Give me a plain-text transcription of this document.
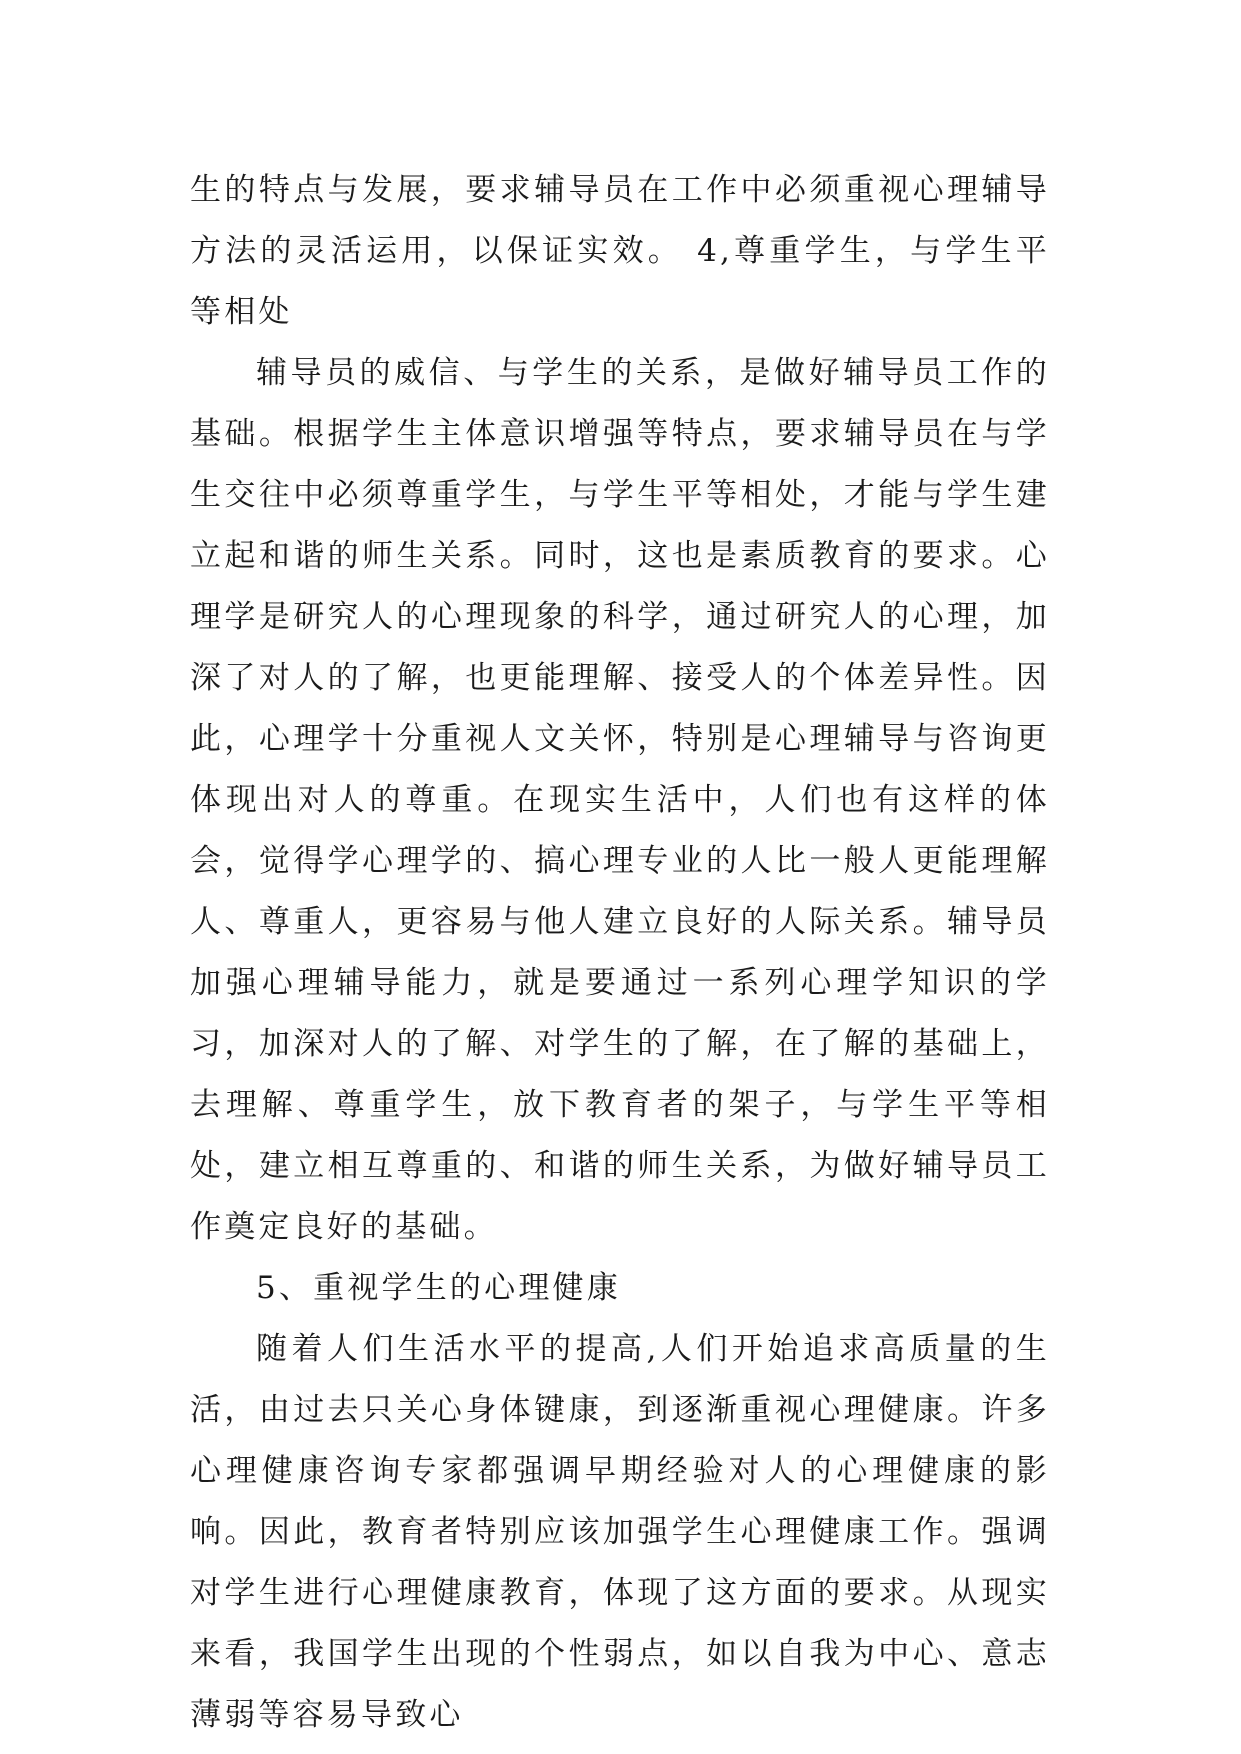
生的特点与发展，要求辅导员在工作中必须重视心理辅导方法的灵活运用，以保证实效。 4,尊重学生，与学生平等相处

辅导员的威信、与学生的关系，是做好辅导员工作的基础。根据学生主体意识增强等特点，要求辅导员在与学生交往中必须尊重学生，与学生平等相处，才能与学生建立起和谐的师生关系。同时，这也是素质教育的要求。心理学是研究人的心理现象的科学，通过研究人的心理，加深了对人的了解，也更能理解、接受人的个体差异性。因此，心理学十分重视人文关怀，特别是心理辅导与咨询更体现出对人的尊重。在现实生活中，人们也有这样的体会，觉得学心理学的、搞心理专业的人比一般人更能理解人、尊重人，更容易与他人建立良好的人际关系。辅导员加强心理辅导能力，就是要通过一系列心理学知识的学习，加深对人的了解、对学生的了解，在了解的基础上，去理解、尊重学生，放下教育者的架子，与学生平等相处，建立相互尊重的、和谐的师生关系，为做好辅导员工作奠定良好的基础。

5、重视学生的心理健康

随着人们生活水平的提高,人们开始追求高质量的生活，由过去只关心身体键康，到逐渐重视心理健康。许多心理健康咨询专家都强调早期经验对人的心理健康的影响。因此，教育者特别应该加强学生心理健康工作。强调对学生进行心理健康教育，体现了这方面的要求。从现实来看，我国学生出现的个性弱点，如以自我为中心、意志薄弱等容易导致心
